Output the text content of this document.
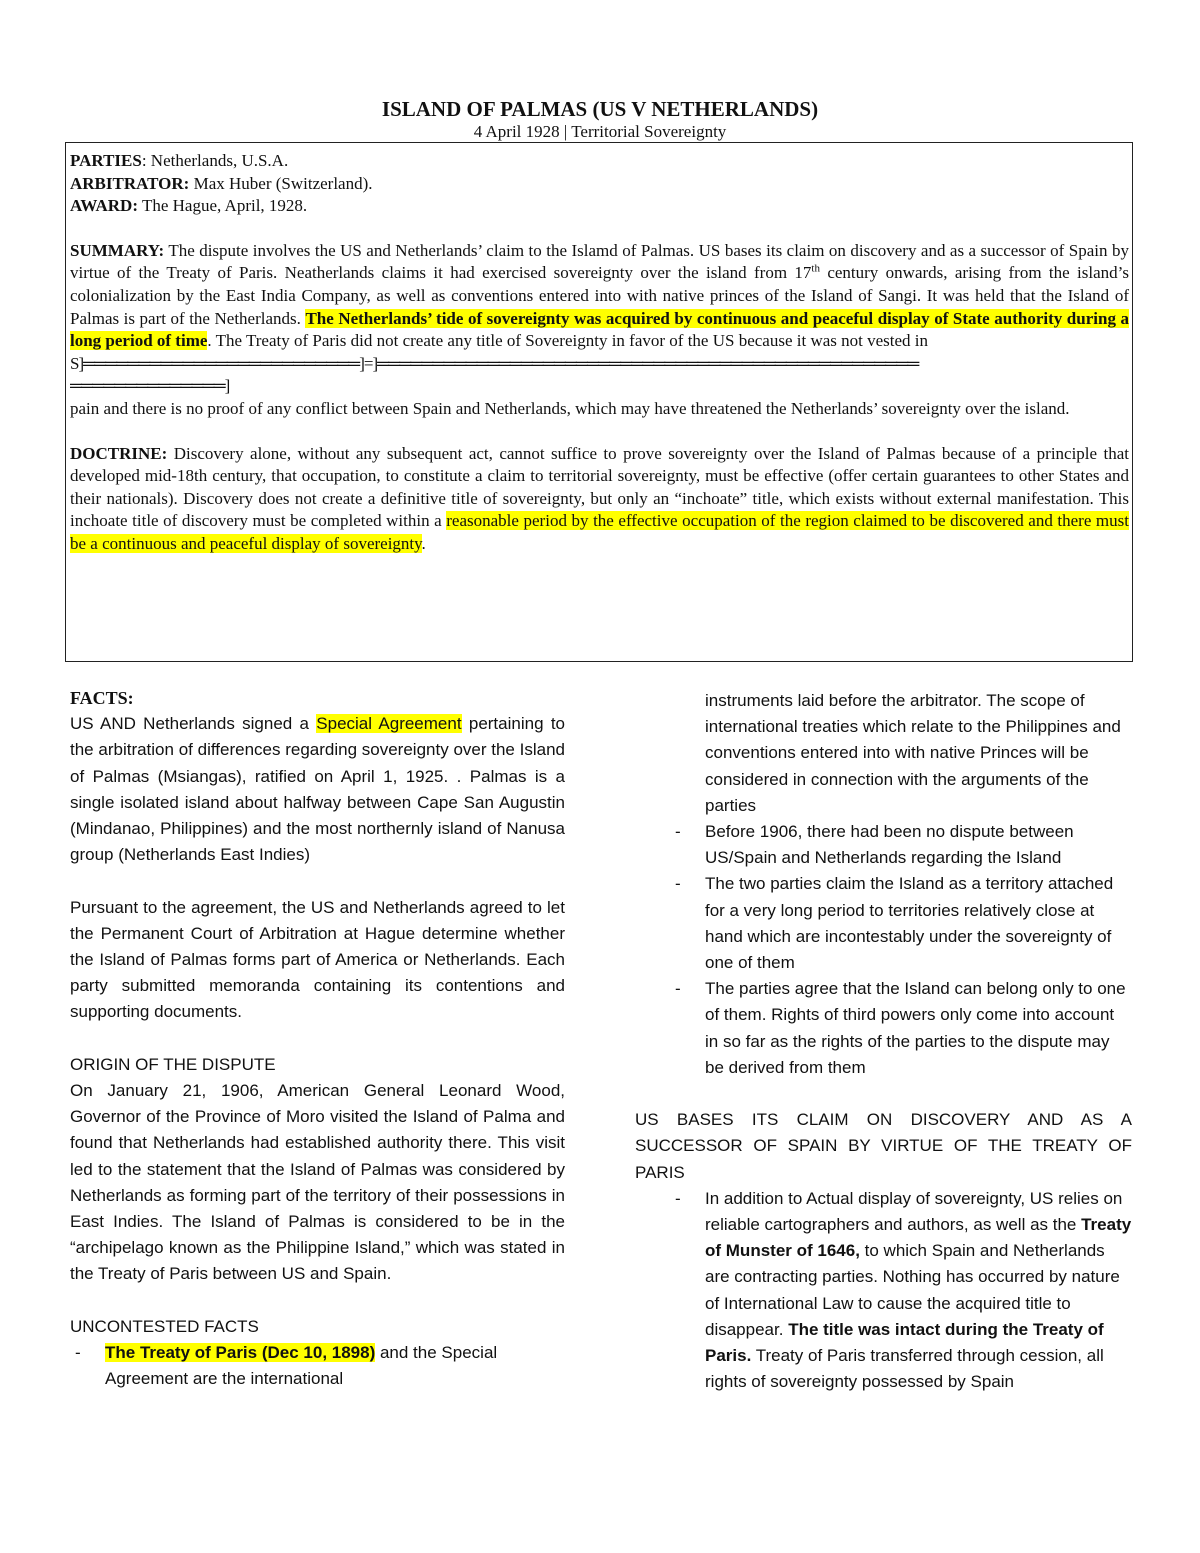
ISLAND OF PALMAS (US V NETHERLANDS)
4 April 1928 | Territorial Sovereignty

PARTIES: Netherlands, U.S.A.

ARBITRATOR: Max Huber (Switzerland).

AWARD: The Hague, April, 1928.

SUMMARY: The dispute involves the US and Netherlands’ claim to the Islamd of Palmas. US bases its claim on discovery and as a successor of Spain by virtue of the Treaty of Paris. Neatherlands claims it had exercised sovereignty over the island from 17th century onwards, arising from the island’s colonialization by the East India Company, as well as conventions entered into with native princes of the Island of Sangi. It was held that the Island of Palmas is part of the Netherlands. The Netherlands’ tide of sovereignty was acquired by continuous and peaceful display of State authority during a long period of time. The Treaty of Paris did not create any title of Sovereignty in favor of the US because it was not vested in

S]═════════════════════════]=]═════════════════════════════════════════════════

══════════════]

pain and there is no proof of any conflict between Spain and Netherlands, which may have threatened the Netherlands’ sovereignty over the island.

DOCTRINE: Discovery alone, without any subsequent act, cannot suffice to prove sovereignty over the Island of Palmas because of a principle that developed mid-18th century, that occupation, to constitute a claim to territorial sovereignty, must be effective (offer certain guarantees to other States and their nationals). Discovery does not create a definitive title of sovereignty, but only an “inchoate” title, which exists without external manifestation. This inchoate title of discovery must be completed within a reasonable period by the effective occupation of the region claimed to be discovered and there must be a continuous and peaceful display of sovereignty.

FACTS:

US AND Netherlands signed a Special Agreement pertaining to the arbitration of differences regarding sovereignty over the Island of Palmas (Msiangas), ratified on April 1, 1925. . Palmas is a single isolated island about halfway between Cape San Augustin (Mindanao, Philippines) and the most northernly island of Nanusa group (Netherlands East Indies)

Pursuant to the agreement, the US and Netherlands agreed to let the Permanent Court of Arbitration at Hague determine whether the Island of Palmas forms part of America or Netherlands. Each party submitted memoranda containing its contentions and supporting documents.

ORIGIN OF THE DISPUTE

On January 21, 1906, American General Leonard Wood, Governor of the Province of Moro visited the Island of Palma and found that Netherlands had established authority there. This visit led to the statement that the Island of Palmas was considered by Netherlands as forming part of the territory of their possessions in East Indies. The Island of Palmas is considered to be in the “archipelago known as the Philippine Island,” which was stated in the Treaty of Paris between US and Spain.

UNCONTESTED FACTS

- The Treaty of Paris (Dec 10, 1898) and the Special Agreement are the international
instruments laid before the arbitrator. The scope of international treaties which relate to the Philippines and conventions entered into with native Princes will be considered in connection with the arguments of the parties
- Before 1906, there had been no dispute between US/Spain and Netherlands regarding the Island
- The two parties claim the Island as a territory attached for a very long period to territories relatively close at hand which are incontestably under the sovereignty of one of them
- The parties agree that the Island can belong only to one of them. Rights of third powers only come into account in so far as the rights of the parties to the dispute may be derived from them

US BASES ITS CLAIM ON DISCOVERY AND AS A SUCCESSOR OF SPAIN BY VIRTUE OF THE TREATY OF PARIS

- In addition to Actual display of sovereignty, US relies on reliable cartographers and authors, as well as the Treaty of Munster of 1646, to which Spain and Netherlands are contracting parties. Nothing has occurred by nature of International Law to cause the acquired title to disappear. The title was intact during the Treaty of Paris. Treaty of Paris transferred through cession, all rights of sovereignty possessed by Spain
